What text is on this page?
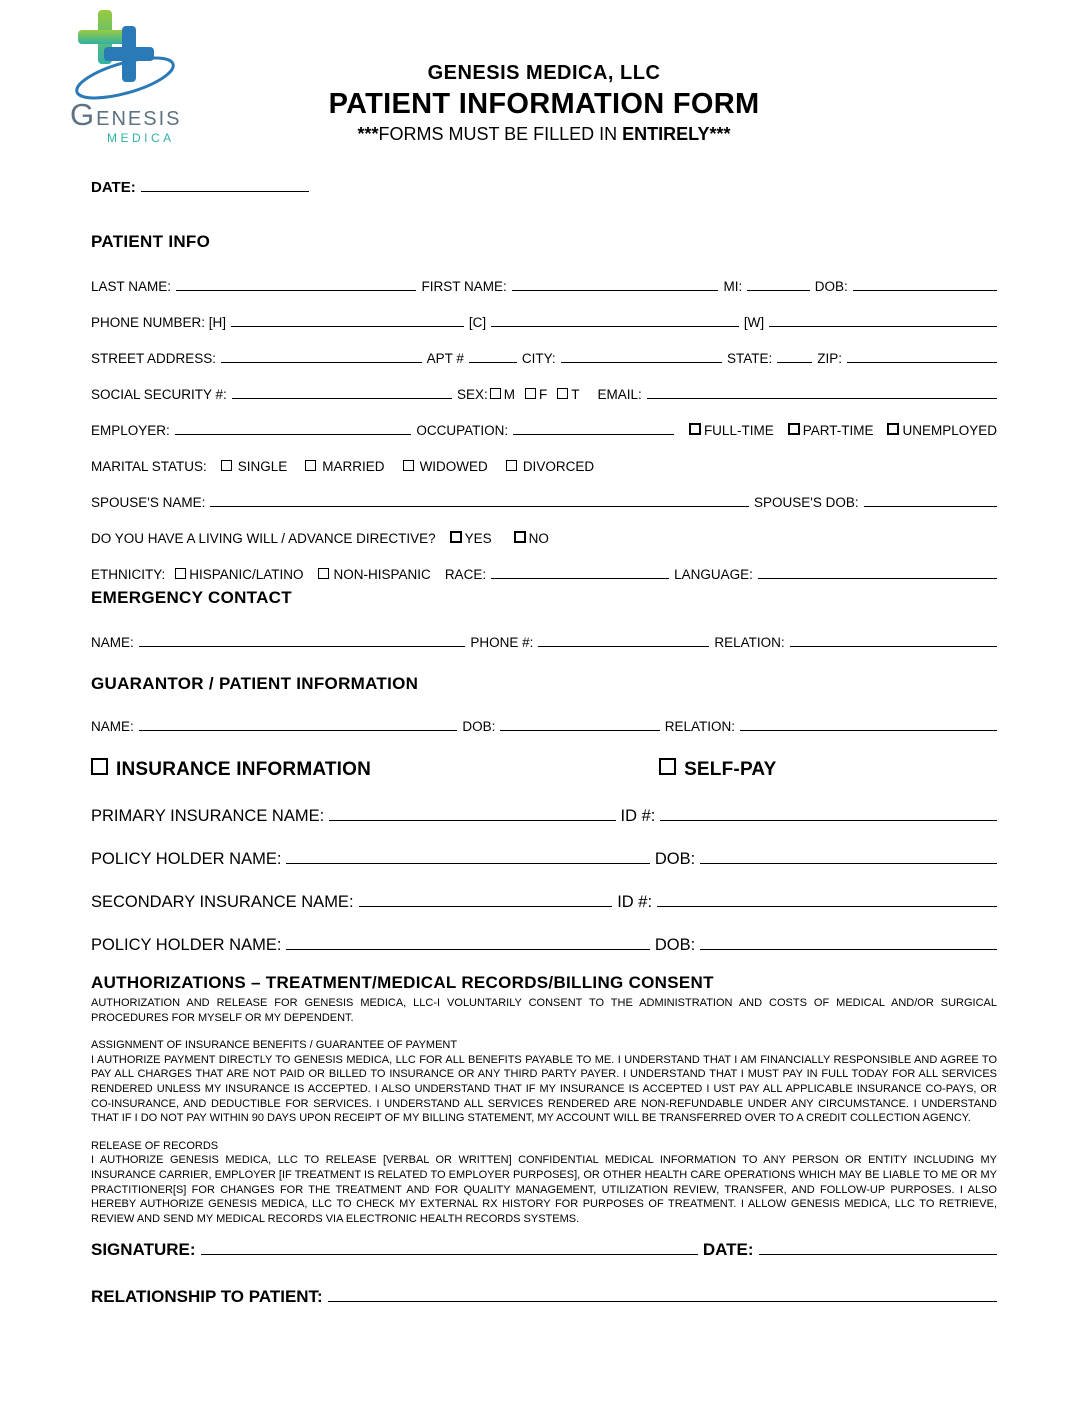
GENESIS
MEDICA
GENESIS MEDICA, LLC
PATIENT INFORMATION FORM
***FORMS MUST BE FILLED IN ENTIRELY***
DATE:
PATIENT INFO
LAST NAME:	FIRST NAME:	MI:	DOB:
PHONE NUMBER: [H]	[C]	[W]
STREET ADDRESS:	APT #	CITY:	STATE:	ZIP:
SOCIAL SECURITY #:	SEX: M F T EMAIL:
EMPLOYER:	OCCUPATION:	FULL-TIME PART-TIME UNEMPLOYED
MARITAL STATUS: SINGLE	MARRIED	WIDOWED	DIVORCED
SPOUSE'S NAME:	SPOUSE'S DOB:
DO YOU HAVE A LIVING WILL / ADVANCE DIRECTIVE? YES	NO
ETHNICITY: HISPANIC/LATINO NON-HISPANIC RACE:	LANGUAGE:
EMERGENCY CONTACT
NAME:	PHONE #:	RELATION:
GUARANTOR / PATIENT INFORMATION
NAME:	DOB:	RELATION:
INSURANCE INFORMATION	SELF-PAY
PRIMARY INSURANCE NAME:	ID #:
POLICY HOLDER NAME:	DOB:
SECONDARY INSURANCE NAME:	ID #:
POLICY HOLDER NAME:	DOB:
AUTHORIZATIONS – TREATMENT/MEDICAL RECORDS/BILLING CONSENT
AUTHORIZATION AND RELEASE FOR GENESIS MEDICA, LLC-I VOLUNTARILY CONSENT TO THE ADMINISTRATION AND COSTS OF MEDICAL AND/OR SURGICAL PROCEDURES FOR MYSELF OR MY DEPENDENT.
ASSIGNMENT OF INSURANCE BENEFITS / GUARANTEE OF PAYMENT
I AUTHORIZE PAYMENT DIRECTLY TO GENESIS MEDICA, LLC FOR ALL BENEFITS PAYABLE TO ME. I UNDERSTAND THAT I AM FINANCIALLY RESPONSIBLE AND AGREE TO PAY ALL CHARGES THAT ARE NOT PAID OR BILLED TO INSURANCE OR ANY THIRD PARTY PAYER. I UNDERSTAND THAT I MUST PAY IN FULL TODAY FOR ALL SERVICES RENDERED UNLESS MY INSURANCE IS ACCEPTED. I ALSO UNDERSTAND THAT IF MY INSURANCE IS ACCEPTED I UST PAY ALL APPLICABLE INSURANCE CO-PAYS, OR CO-INSURANCE, AND DEDUCTIBLE FOR SERVICES. I UNDERSTAND ALL SERVICES RENDERED ARE NON-REFUNDABLE UNDER ANY CIRCUMSTANCE. I UNDERSTAND THAT IF I DO NOT PAY WITHIN 90 DAYS UPON RECEIPT OF MY BILLING STATEMENT, MY ACCOUNT WILL BE TRANSFERRED OVER TO A CREDIT COLLECTION AGENCY.
RELEASE OF RECORDS
I AUTHORIZE GENESIS MEDICA, LLC TO RELEASE [VERBAL OR WRITTEN] CONFIDENTIAL MEDICAL INFORMATION TO ANY PERSON OR ENTITY INCLUDING MY INSURANCE CARRIER, EMPLOYER [IF TREATMENT IS RELATED TO EMPLOYER PURPOSES], OR OTHER HEALTH CARE OPERATIONS WHICH MAY BE LIABLE TO ME OR MY PRACTITIONER[S] FOR CHANGES FOR THE TREATMENT AND FOR QUALITY MANAGEMENT, UTILIZATION REVIEW, TRANSFER, AND FOLLOW-UP PURPOSES. I ALSO HEREBY AUTHORIZE GENESIS MEDICA, LLC TO CHECK MY EXTERNAL RX HISTORY FOR PURPOSES OF TREATMENT. I ALLOW GENESIS MEDICA, LLC TO RETRIEVE, REVIEW AND SEND MY MEDICAL RECORDS VIA ELECTRONIC HEALTH RECORDS SYSTEMS.
SIGNATURE:	DATE:
RELATIONSHIP TO PATIENT:
